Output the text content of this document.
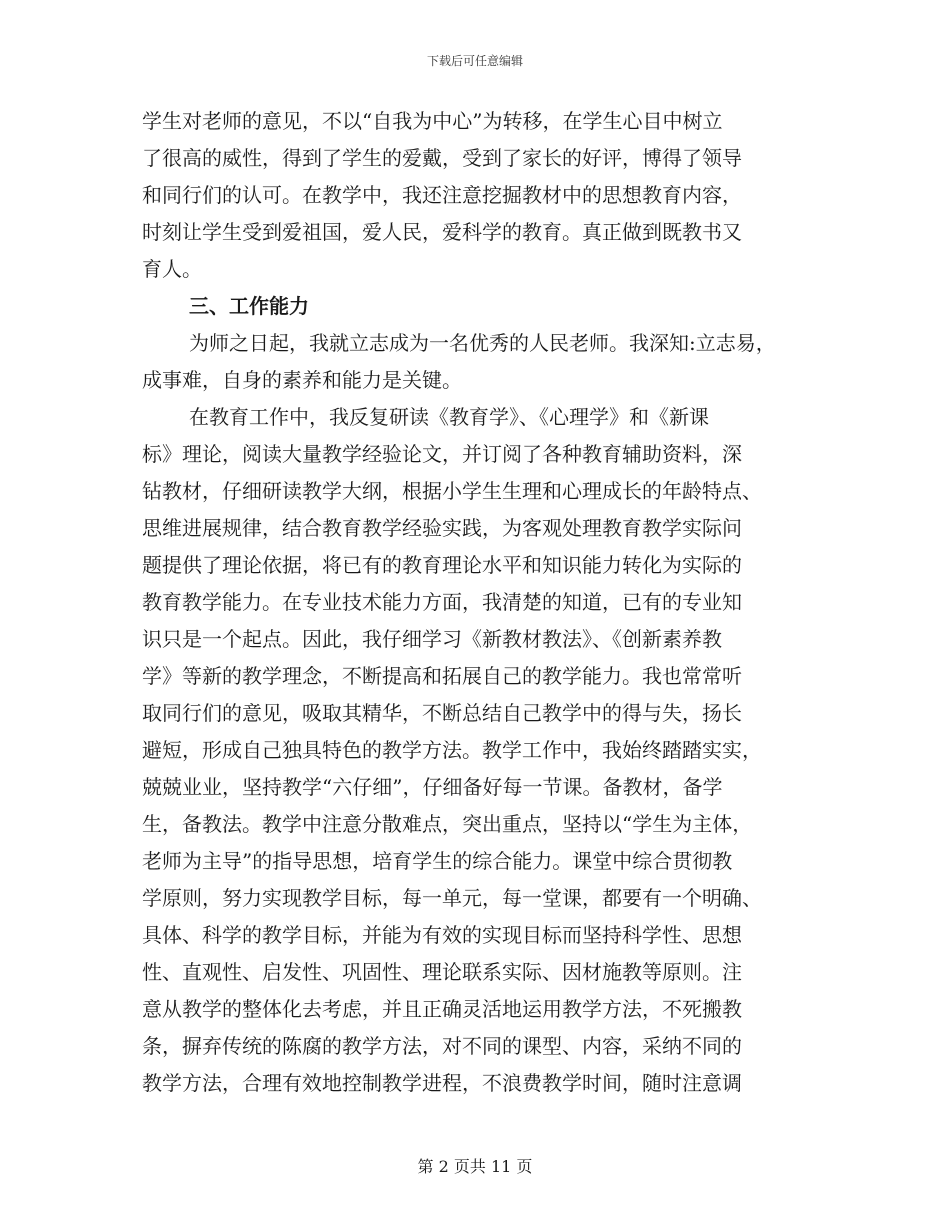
下载后可任意编辑
学生对老师的意见，不以“自我为中心”为转移，在学生心目中树立
了很高的威性，得到了学生的爱戴，受到了家长的好评，博得了领导
和同行们的认可。在教学中，我还注意挖掘教材中的思想教育内容，
时刻让学生受到爱祖国，爱人民，爱科学的教育。真正做到既教书又
育人。
三、工作能力
为师之日起，我就立志成为一名优秀的人民老师。我深知:立志易，
成事难，自身的素养和能力是关键。
在教育工作中，我反复研读《教育学》、《心理学》和《新课
标》理论，阅读大量教学经验论文，并订阅了各种教育辅助资料，深
钻教材，仔细研读教学大纲，根据小学生生理和心理成长的年龄特点、
思维进展规律，结合教育教学经验实践，为客观处理教育教学实际问
题提供了理论依据，将已有的教育理论水平和知识能力转化为实际的
教育教学能力。在专业技术能力方面，我清楚的知道，已有的专业知
识只是一个起点。因此，我仔细学习《新教材教法》、《创新素养教
学》等新的教学理念，不断提高和拓展自己的教学能力。我也常常听
取同行们的意见，吸取其精华，不断总结自己教学中的得与失，扬长
避短，形成自己独具特色的教学方法。教学工作中，我始终踏踏实实，
兢兢业业，坚持教学“六仔细”，仔细备好每一节课。备教材，备学
生，备教法。教学中注意分散难点，突出重点，坚持以“学生为主体，
老师为主导”的指导思想，培育学生的综合能力。课堂中综合贯彻教
学原则，努力实现教学目标，每一单元，每一堂课，都要有一个明确、
具体、科学的教学目标，并能为有效的实现目标而坚持科学性、思想
性、直观性、启发性、巩固性、理论联系实际、因材施教等原则。注
意从教学的整体化去考虑，并且正确灵活地运用教学方法，不死搬教
条，摒弃传统的陈腐的教学方法，对不同的课型、内容，采纳不同的
教学方法，合理有效地控制教学进程，不浪费教学时间，随时注意调
第 2 页共 11 页
